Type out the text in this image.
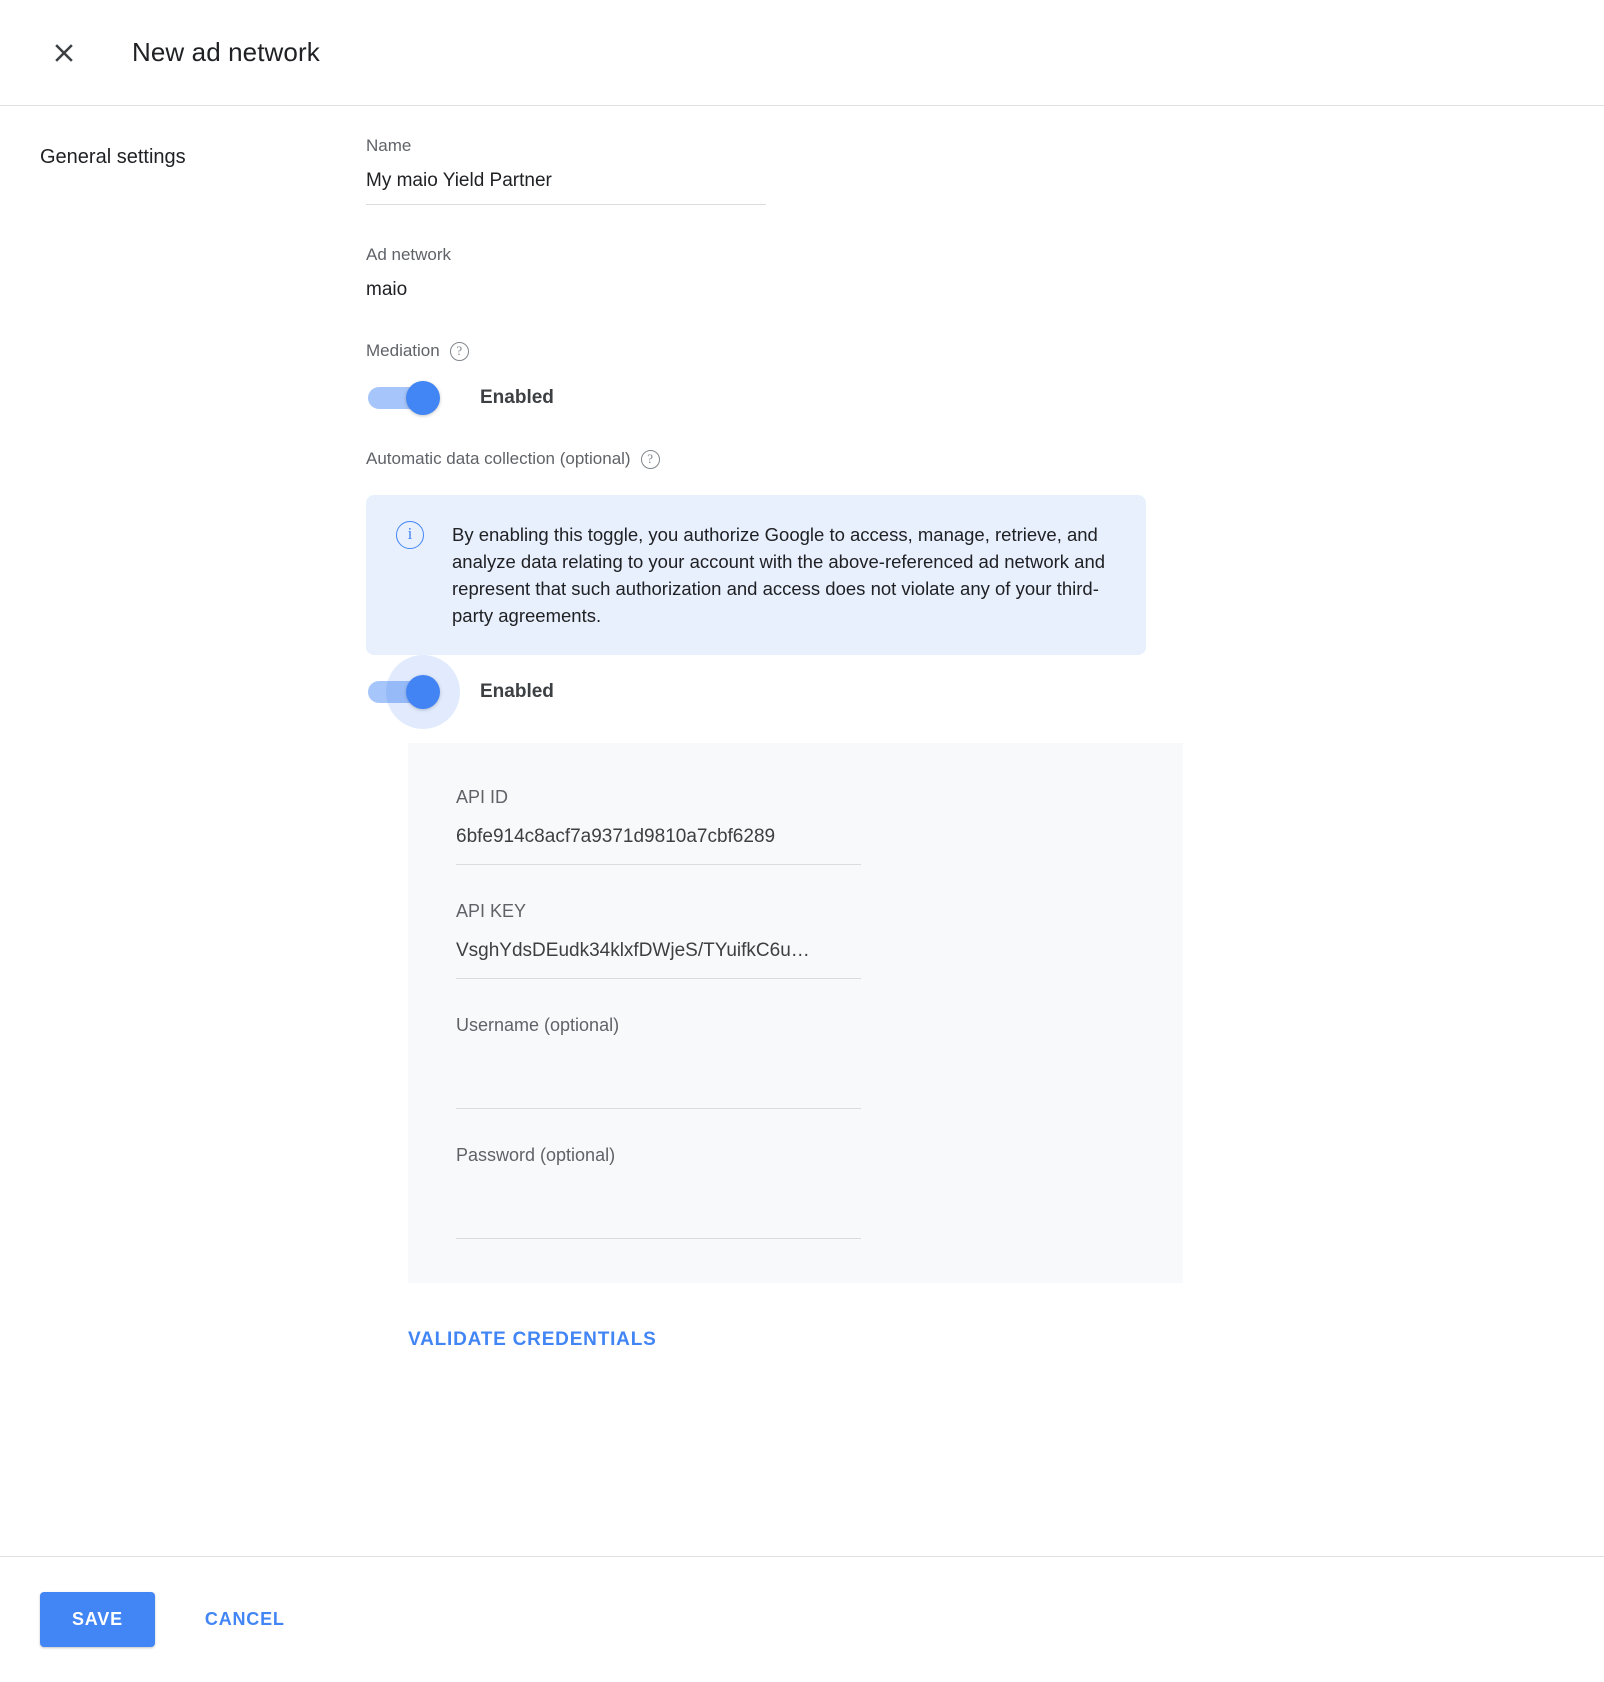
New ad network
General settings
Name
My maio Yield Partner
Ad network
maio
Mediation	?
Enabled
Automatic data collection (optional)	?
i	By enabling this toggle, you authorize Google to access, manage, retrieve, and analyze data relating to your account with the above-referenced ad network and represent that such authorization and access does not violate any of your third-party agreements.
Enabled
API ID
6bfe914c8acf7a9371d9810a7cbf6289
API KEY
VsghYdsDEudk34klxfDWjeS/TYuifkC6u…
Username (optional)
Password (optional)
VALIDATE CREDENTIALS
SAVE	CANCEL
